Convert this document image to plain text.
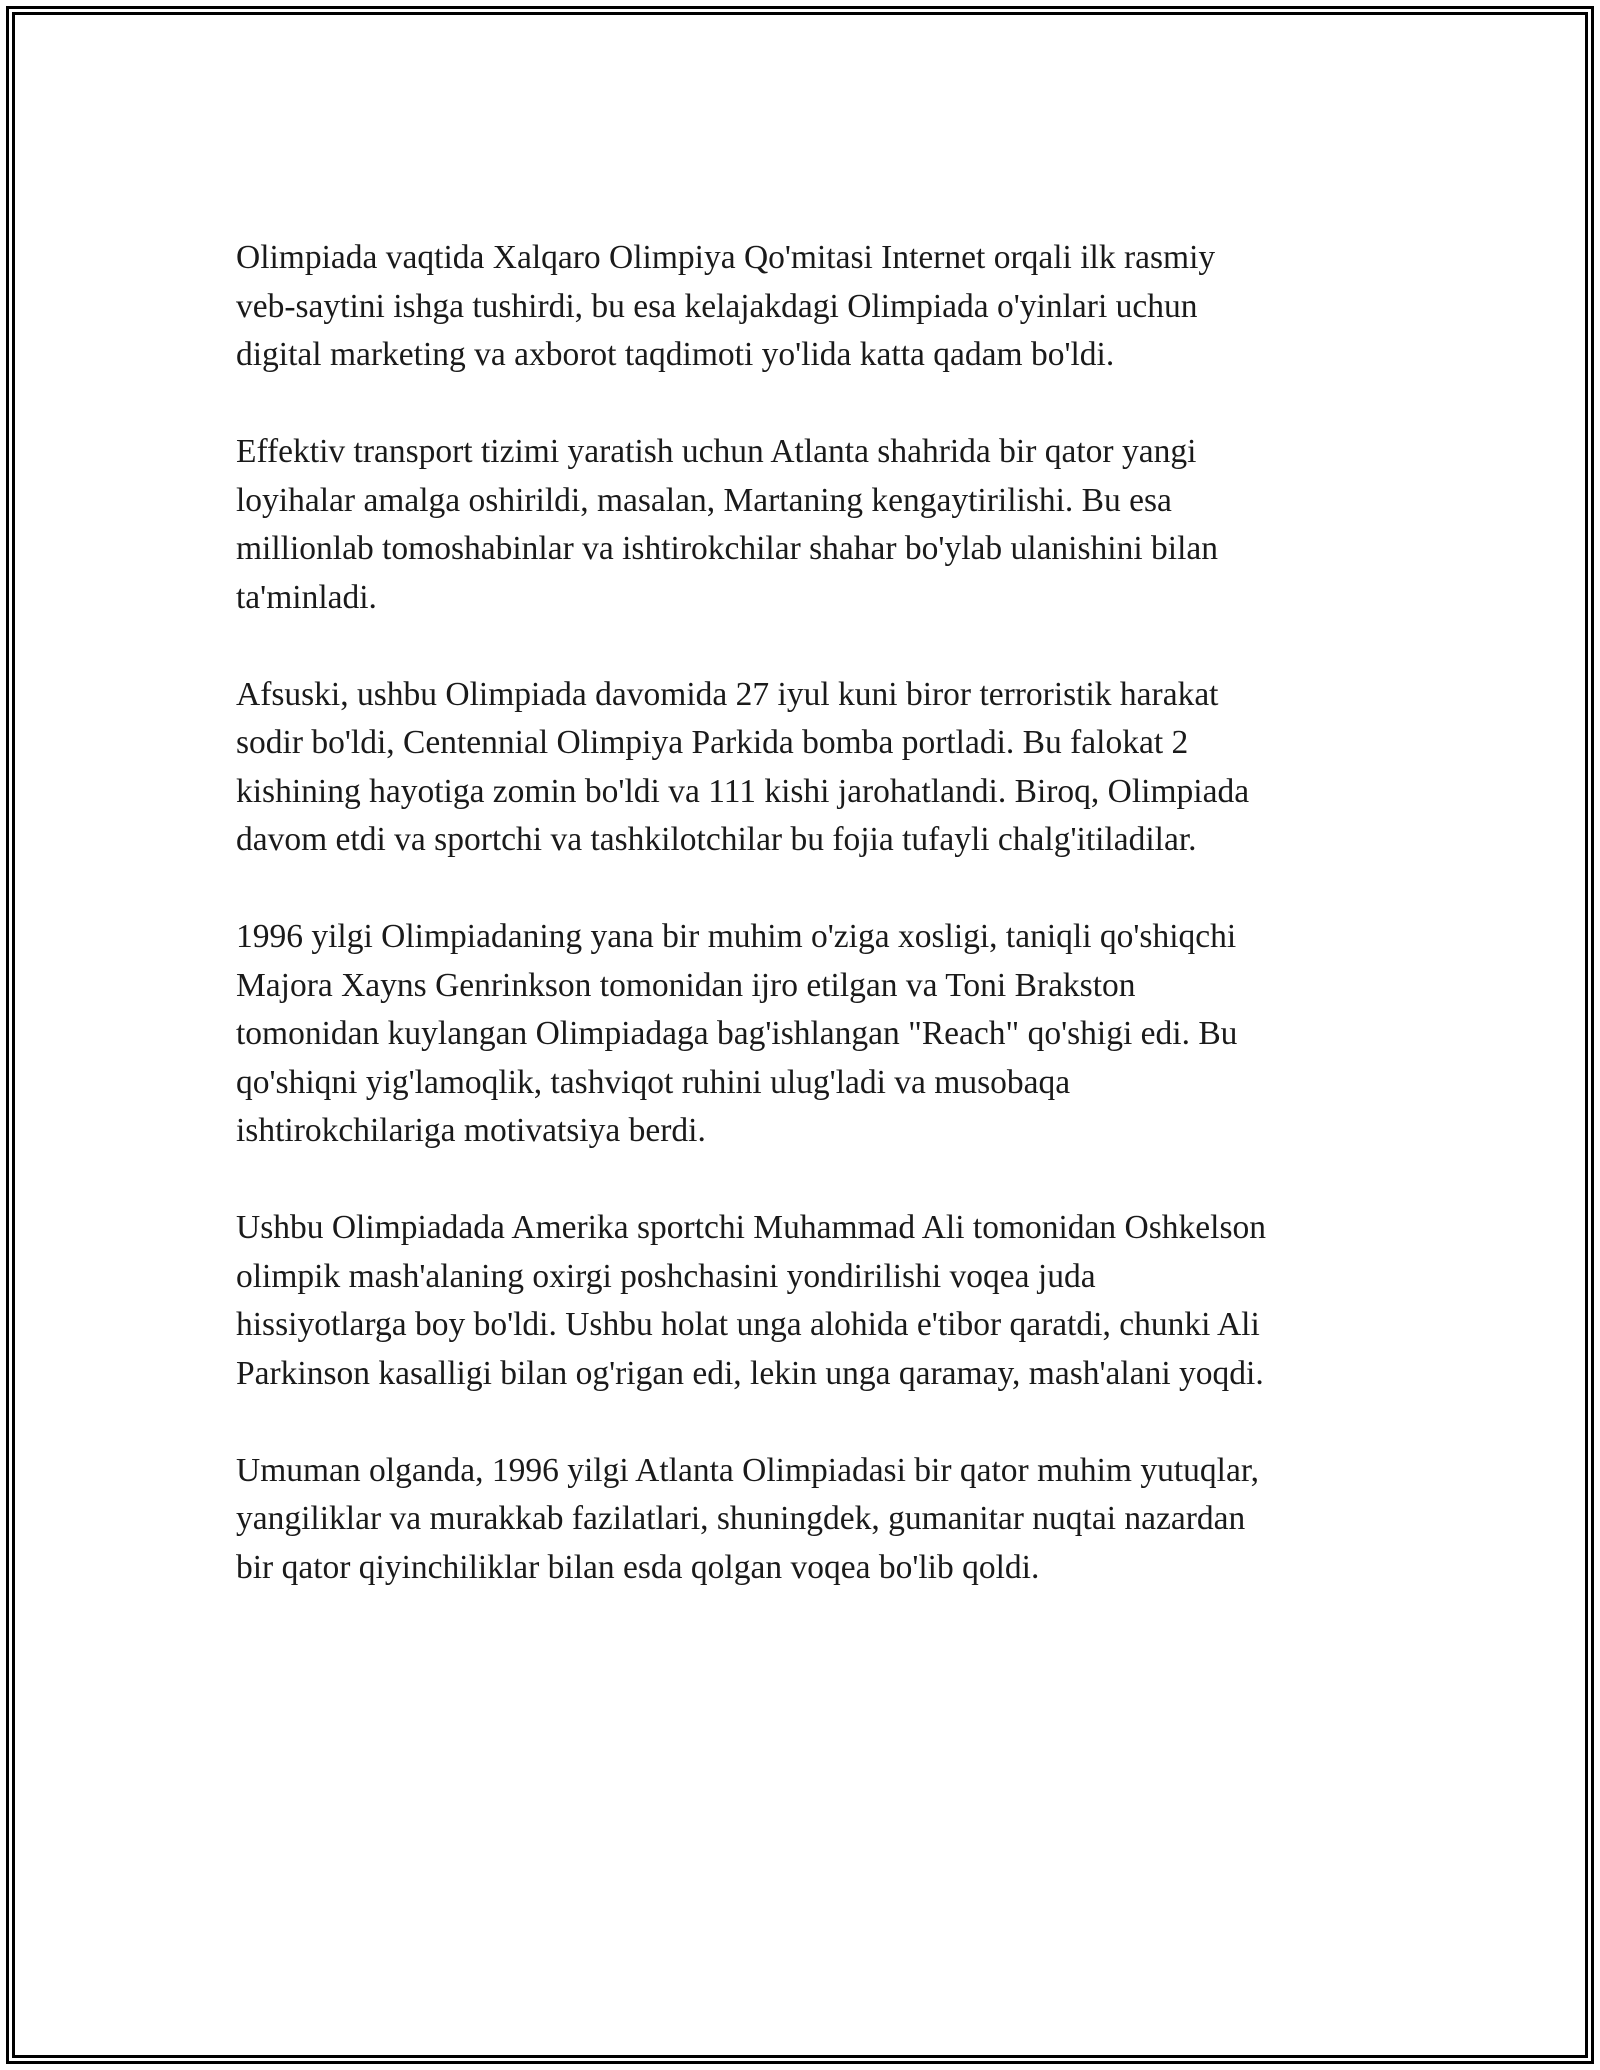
Olimpiada vaqtida Xalqaro Olimpiya Qo'mitasi Internet orqali ilk rasmiy
veb-saytini ishga tushirdi, bu esa kelajakdagi Olimpiada o'yinlari uchun
digital marketing va axborot taqdimoti yo'lida katta qadam bo'ldi.

Effektiv transport tizimi yaratish uchun Atlanta shahrida bir qator yangi
loyihalar amalga oshirildi, masalan, Martaning kengaytirilishi. Bu esa
millionlab tomoshabinlar va ishtirokchilar shahar bo'ylab ulanishini bilan
ta'minladi.

Afsuski, ushbu Olimpiada davomida 27 iyul kuni biror terroristik harakat
sodir bo'ldi, Centennial Olimpiya Parkida bomba portladi. Bu falokat 2
kishining hayotiga zomin bo'ldi va 111 kishi jarohatlandi. Biroq, Olimpiada
davom etdi va sportchi va tashkilotchilar bu fojia tufayli chalg'itiladilar.

1996 yilgi Olimpiadaning yana bir muhim o'ziga xosligi, taniqli qo'shiqchi
Majora Xayns Genrinkson tomonidan ijro etilgan va Toni Brakston
tomonidan kuylangan Olimpiadaga bag'ishlangan "Reach" qo'shigi edi. Bu
qo'shiqni yig'lamoqlik, tashviqot ruhini ulug'ladi va musobaqa
ishtirokchilariga motivatsiya berdi.

Ushbu Olimpiadada Amerika sportchi Muhammad Ali tomonidan Oshkelson
olimpik mash'alaning oxirgi poshchasini yondirilishi voqea juda
hissiyotlarga boy bo'ldi. Ushbu holat unga alohida e'tibor qaratdi, chunki Ali
Parkinson kasalligi bilan og'rigan edi, lekin unga qaramay, mash'alani yoqdi.

Umuman olganda, 1996 yilgi Atlanta Olimpiadasi bir qator muhim yutuqlar,
yangiliklar va murakkab fazilatlari, shuningdek, gumanitar nuqtai nazardan
bir qator qiyinchiliklar bilan esda qolgan voqea bo'lib qoldi.
